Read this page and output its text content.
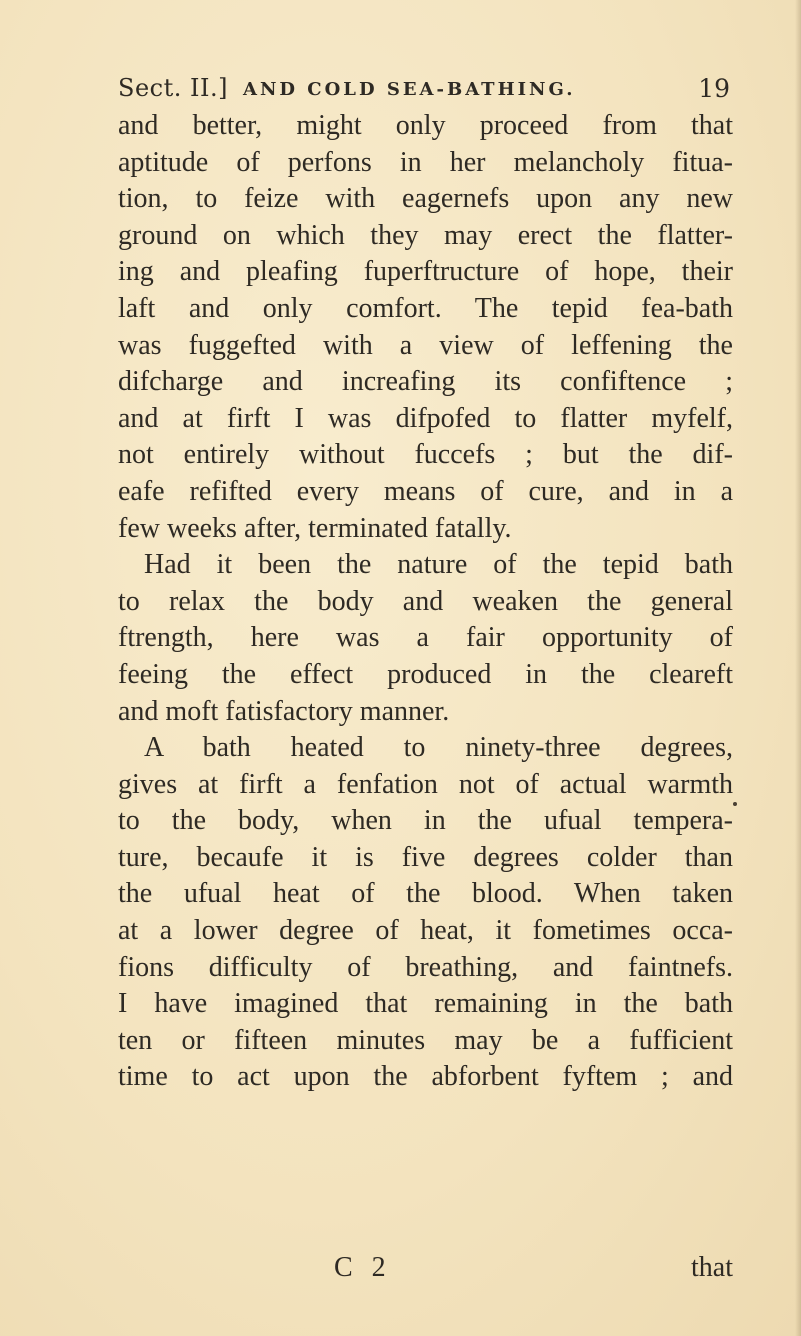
Sect. II.] AND COLD SEA-BATHING.	19
and better, might only proceed from that
aptitude of perfons in her melancholy fitua-
tion, to feize with eagernefs upon any new
ground on which they may erect the flatter-
ing and pleafing fuperftructure of hope, their
laft and only comfort. The tepid fea-bath
was fuggefted with a view of leffening the
difcharge and increafing its confiftence ;
and at firft I was difpofed to flatter myfelf,
not entirely without fuccefs ; but the dif-
eafe refifted every means of cure, and in a
few weeks after, terminated fatally.
Had it been the nature of the tepid bath
to relax the body and weaken the general
ftrength, here was a fair opportunity of
feeing the effect produced in the cleareft
and moft fatisfactory manner.
A bath heated to ninety-three degrees,
gives at firft a fenfation not of actual warmth
to the body, when in the ufual tempera-
ture, becaufe it is five degrees colder than
the ufual heat of the blood. When taken
at a lower degree of heat, it fometimes occa-
fions difficulty of breathing, and faintnefs.
I have imagined that remaining in the bath
ten or fifteen minutes may be a fufficient
time to act upon the abforbent fyftem ; and
C 2	that
